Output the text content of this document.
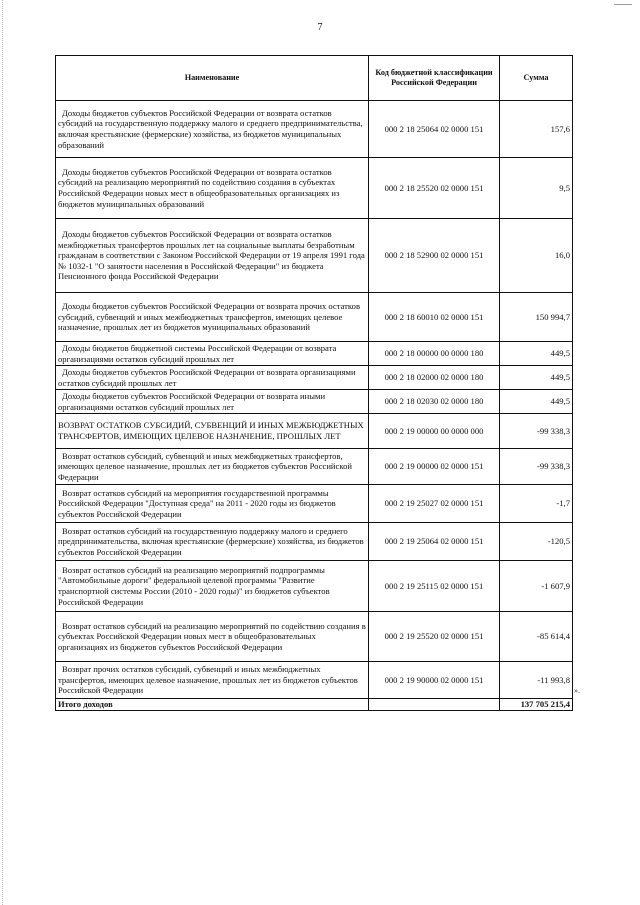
7
Наименование	Код бюджетной классификации Российской Федерации	Сумма
Доходы бюджетов субъектов Российской Федерации от возврата остатков субсидий на государственную поддержку малого и среднего предпринимательства, включая крестьянские (фермерские) хозяйства, из бюджетов муниципальных образований	000 2 18 25064 02 0000 151	157,6
Доходы бюджетов субъектов Российской Федерации от возврата остатков субсидий на реализацию мероприятий по содействию создания в субъектах Российской Федерации новых мест в общеобразовательных организациях из бюджетов муниципальных образований	000 2 18 25520 02 0000 151	9,5
Доходы бюджетов субъектов Российской Федерации от возврата остатков межбюджетных трансфертов прошлых лет на социальные выплаты безработным гражданам в соответствии с Законом Российской Федерации от 19 апреля 1991 года № 1032-1 "О занятости населения в Российской Федерации" из бюджета Пенсионного фонда Российской Федерации	000 2 18 52900 02 0000 151	16,0
Доходы бюджетов субъектов Российской Федерации от возврата прочих остатков субсидий, субвенций и иных межбюджетных трансфертов, имеющих целевое назначение, прошлых лет из бюджетов муниципальных образований	000 2 18 60010 02 0000 151	150 994,7
Доходы бюджетов бюджетной системы Российской Федерации от возврата организациями остатков субсидий прошлых лет	000 2 18 00000 00 0000 180	449,5
Доходы бюджетов субъектов Российской Федерации от возврата организациями остатков субсидий прошлых лет	000 2 18 02000 02 0000 180	449,5
Доходы бюджетов субъектов Российской Федерации от возврата иными организациями остатков субсидий прошлых лет	000 2 18 02030 02 0000 180	449,5
ВОЗВРАТ ОСТАТКОВ СУБСИДИЙ, СУБВЕНЦИЙ И ИНЫХ МЕЖБЮДЖЕТНЫХ ТРАНСФЕРТОВ, ИМЕЮЩИХ ЦЕЛЕВОЕ НАЗНАЧЕНИЕ, ПРОШЛЫХ ЛЕТ	000 2 19 00000 00 0000 000	-99 338,3
Возврат остатков субсидий, субвенций и иных межбюджетных трансфертов, имеющих целевое назначение, прошлых лет из бюджетов субъектов Российской Федерации	000 2 19 00000 02 0000 151	-99 338,3
Возврат остатков субсидий на мероприятия государственной программы Российской Федерации "Доступная среда" на 2011 - 2020 годы из бюджетов субъектов Российской Федерации	000 2 19 25027 02 0000 151	-1,7
Возврат остатков субсидий на государственную поддержку малого и среднего предпринимательства, включая крестьянские (фермерские) хозяйства, из бюджетов субъектов Российской Федерации	000 2 19 25064 02 0000 151	-120,5
Возврат остатков субсидий на реализацию мероприятий подпрограммы "Автомобильные дороги" федеральной целевой программы "Развитие транспортной системы России (2010 - 2020 годы)" из бюджетов субъектов Российской Федерации	000 2 19 25115 02 0000 151	-1 607,9
Возврат остатков субсидий на реализацию мероприятий по содействию создания в субъектах Российской Федерации новых мест в общеобразовательных организациях из бюджетов субъектов Российской Федерации	000 2 19 25520 02 0000 151	-85 614,4
Возврат прочих остатков субсидий, субвенций и иных межбюджетных трансфертов, имеющих целевое назначение, прошлых лет из бюджетов субъектов Российской Федерации	000 2 19 90000 02 0000 151	-11 993,8
Итого доходов		137 705 215,4
».
